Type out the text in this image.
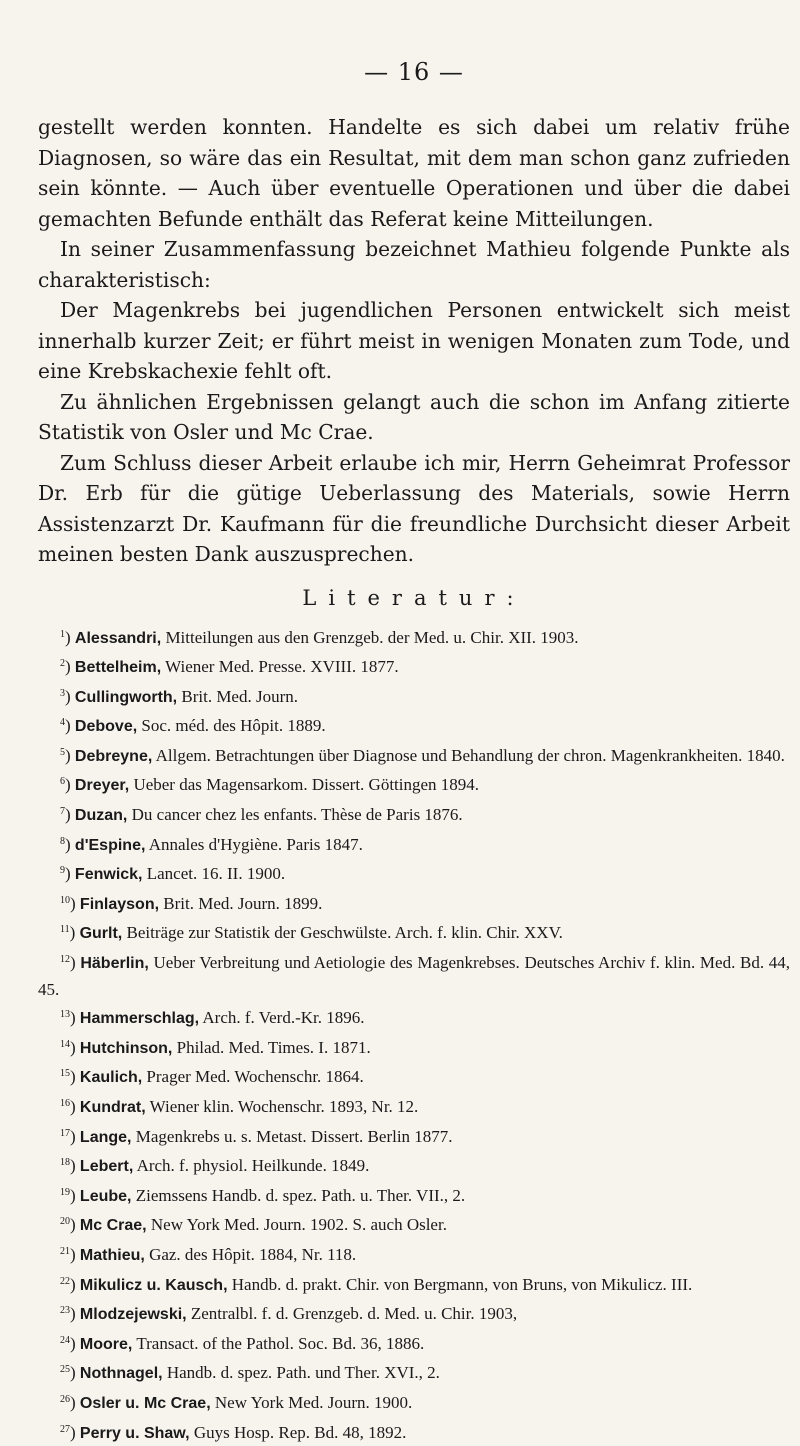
— 16 —

gestellt werden konnten. Handelte es sich dabei um relativ frühe Diagnosen, so wäre das ein Resultat, mit dem man schon ganz zufrieden sein könnte. — Auch über eventuelle Operationen und über die dabei gemachten Befunde enthält das Referat keine Mitteilungen.

In seiner Zusammenfassung bezeichnet Mathieu folgende Punkte als charakteristisch:

Der Magenkrebs bei jugendlichen Personen entwickelt sich meist innerhalb kurzer Zeit; er führt meist in wenigen Monaten zum Tode, und eine Krebskachexie fehlt oft.

Zu ähnlichen Ergebnissen gelangt auch die schon im Anfang zitierte Statistik von Osler und Mc Crae.

Zum Schluss dieser Arbeit erlaube ich mir, Herrn Geheimrat Professor Dr. Erb für die gütige Ueberlassung des Materials, sowie Herrn Assistenzarzt Dr. Kaufmann für die freundliche Durchsicht dieser Arbeit meinen besten Dank auszusprechen.

Literatur:
$^1$) Alessandri, Mitteilungen aus den Grenzgeb. der Med. u. Chir. XII. 1903.
$^2$) Bettelheim, Wiener Med. Presse. XVIII. 1877.
$^3$) Cullingworth, Brit. Med. Journ.
$^4$) Debove, Soc. méd. des Hôpit. 1889.
$^5$) Debreyne, Allgem. Betrachtungen über Diagnose und Behandlung der chron. Magenkrankheiten. 1840.
$^6$) Dreyer, Ueber das Magensarkom. Dissert. Göttingen 1894.
$^7$) Duzan, Du cancer chez les enfants. Thèse de Paris 1876.
$^8$) d'Espine, Annales d'Hygiène. Paris 1847.
$^9$) Fenwick, Lancet. 16. II. 1900.
$^{10}$) Finlayson, Brit. Med. Journ. 1899.
$^{11}$) Gurlt, Beiträge zur Statistik der Geschwülste. Arch. f. klin. Chir. XXV.
$^{12}$) Häberlin, Ueber Verbreitung und Aetiologie des Magenkrebses. Deutsches Archiv f. klin. Med. Bd. 44, 45.
$^{13}$) Hammerschlag, Arch. f. Verd.-Kr. 1896.
$^{14}$) Hutchinson, Philad. Med. Times. I. 1871.
$^{15}$) Kaulich, Prager Med. Wochenschr. 1864.
$^{16}$) Kundrat, Wiener klin. Wochenschr. 1893, Nr. 12.
$^{17}$) Lange, Magenkrebs u. s. Metast. Dissert. Berlin 1877.
$^{18}$) Lebert, Arch. f. physiol. Heilkunde. 1849.
$^{19}$) Leube, Ziemssens Handb. d. spez. Path. u. Ther. VII., 2.
$^{20}$) Mc Crae, New York Med. Journ. 1902. S. auch Osler.
$^{21}$) Mathieu, Gaz. des Hôpit. 1884, Nr. 118.
$^{22}$) Mikulicz u. Kausch, Handb. d. prakt. Chir. von Bergmann, von Bruns, von Mikulicz. III.
$^{23}$) Mlodzejewski, Zentralbl. f. d. Grenzgeb. d. Med. u. Chir. 1903,
$^{24}$) Moore, Transact. of the Pathol. Soc. Bd. 36, 1886.
$^{25}$) Nothnagel, Handb. d. spez. Path. und Ther. XVI., 2.
$^{26}$) Osler u. Mc Crae, New York Med. Journ. 1900.
$^{27}$) Perry u. Shaw, Guys Hosp. Rep. Bd. 48, 1892.
